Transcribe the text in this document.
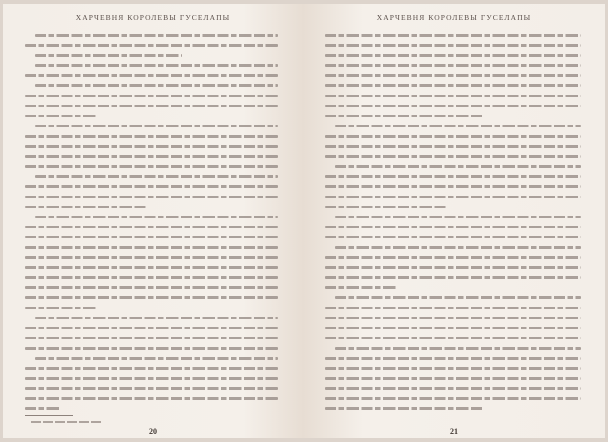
ХАРЧЕВНЯ КОРОЛЕВЫ ГУСЕЛАПЫ
20
ХАРЧЕВНЯ КОРОЛЕВЫ ГУСЕЛАПЫ
21
